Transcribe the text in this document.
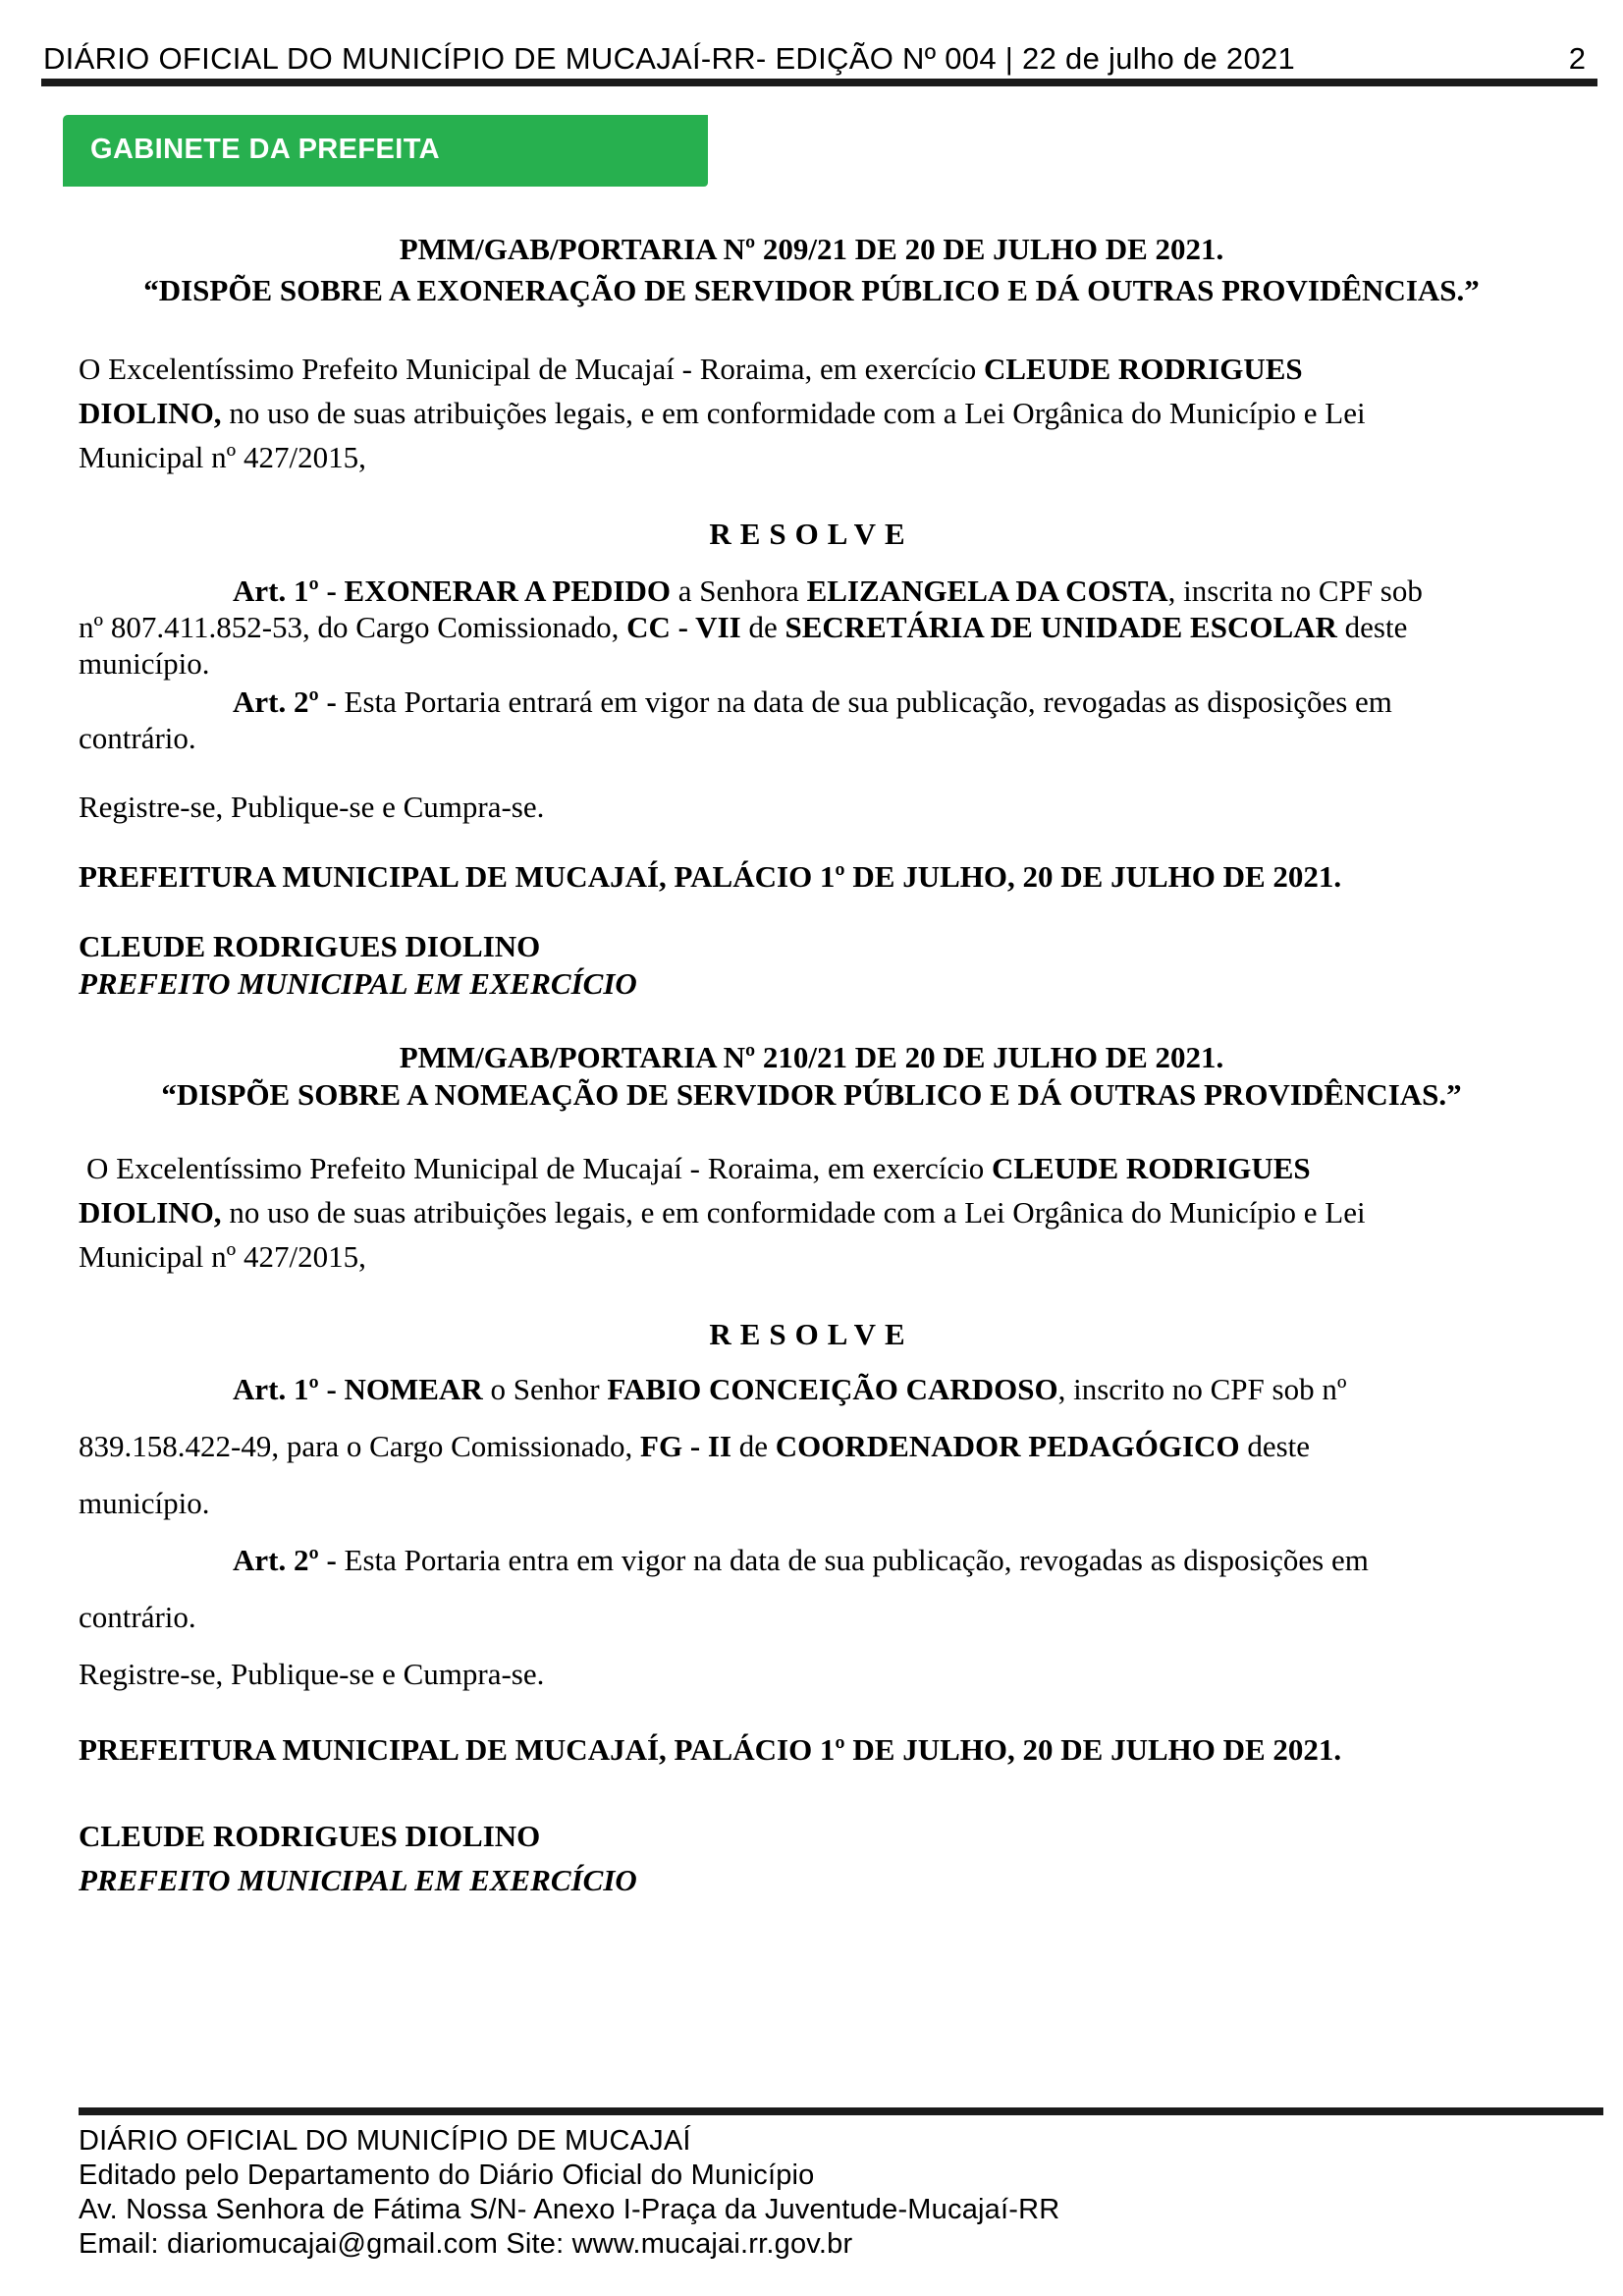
DIÁRIO OFICIAL DO MUNICÍPIO DE MUCAJAÍ-RR- EDIÇÃO Nº 004 | 22 de julho de 2021	2
GABINETE DA PREFEITA
PMM/GAB/PORTARIA Nº 209/21 DE 20 DE JULHO DE 2021.
“DISPÕE SOBRE A EXONERAÇÃO DE SERVIDOR PÚBLICO E DÁ OUTRAS PROVIDÊNCIAS.”
O Excelentíssimo Prefeito Municipal de Mucajaí - Roraima, em exercício CLEUDE RODRIGUES
DIOLINO, no uso de suas atribuições legais, e em conformidade com a Lei Orgânica do Município e Lei
Municipal nº 427/2015,
RESOLVE
Art. 1º - EXONERAR A PEDIDO a Senhora ELIZANGELA DA COSTA, inscrita no CPF sob
nº 807.411.852-53, do Cargo Comissionado, CC - VII de SECRETÁRIA DE UNIDADE ESCOLAR deste
município.
Art. 2º - Esta Portaria entrará em vigor na data de sua publicação, revogadas as disposições em
contrário.
Registre-se, Publique-se e Cumpra-se.
PREFEITURA MUNICIPAL DE MUCAJAÍ, PALÁCIO 1º DE JULHO, 20 DE JULHO DE 2021.
CLEUDE RODRIGUES DIOLINO
PREFEITO MUNICIPAL EM EXERCÍCIO
PMM/GAB/PORTARIA Nº 210/21 DE 20 DE JULHO DE 2021.
“DISPÕE SOBRE A NOMEAÇÃO DE SERVIDOR PÚBLICO E DÁ OUTRAS PROVIDÊNCIAS.”
O Excelentíssimo Prefeito Municipal de Mucajaí - Roraima, em exercício CLEUDE RODRIGUES
DIOLINO, no uso de suas atribuições legais, e em conformidade com a Lei Orgânica do Município e Lei
Municipal nº 427/2015,
RESOLVE
Art. 1º - NOMEAR o Senhor FABIO CONCEIÇÃO CARDOSO, inscrito no CPF sob nº
839.158.422-49, para o Cargo Comissionado, FG - II de COORDENADOR PEDAGÓGICO deste
município.
Art. 2º - Esta Portaria entra em vigor na data de sua publicação, revogadas as disposições em
contrário.
Registre-se, Publique-se e Cumpra-se.
PREFEITURA MUNICIPAL DE MUCAJAÍ, PALÁCIO 1º DE JULHO, 20 DE JULHO DE 2021.
CLEUDE RODRIGUES DIOLINO
PREFEITO MUNICIPAL EM EXERCÍCIO
DIÁRIO OFICIAL DO MUNICÍPIO DE MUCAJAÍ
Editado pelo Departamento do Diário Oficial do Município
Av. Nossa Senhora de Fátima S/N- Anexo I-Praça da Juventude-Mucajaí-RR
Email: diariomucajai@gmail.com Site: www.mucajai.rr.gov.br
